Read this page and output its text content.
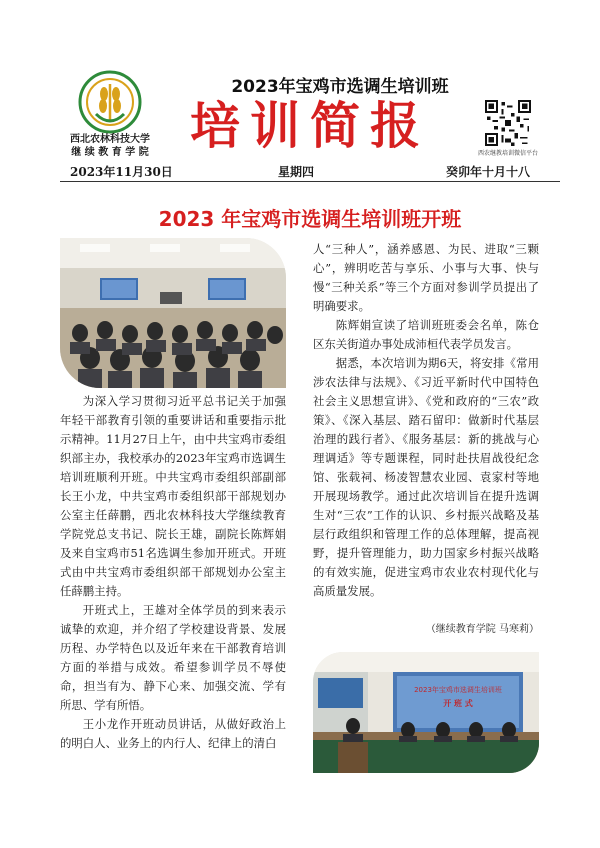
西北农林科技大学
继 续 教 育 学 院
2023年宝鸡市选调生培训班
培训简报	西农继教培训微信平台
2023年11月30日	星期四	癸卯年十月十八
2023 年宝鸡市选调生培训班开班

为深入学习贯彻习近平总书记关于加强年轻干部教育引领的重要讲话和重要指示批示精神。11月27日上午，由中共宝鸡市委组织部主办，我校承办的2023年宝鸡市选调生培训班顺利开班。中共宝鸡市委组织部副部长王小龙，中共宝鸡市委组织部干部规划办公室主任薛鹏，西北农林科技大学继续教育学院党总支书记、院长王雄，副院长陈辉娟及来自宝鸡市51名选调生参加开班式。开班式由中共宝鸡市委组织部干部规划办公室主任薛鹏主持。

开班式上，王雄对全体学员的到来表示诚挚的欢迎，并介绍了学校建设背景、发展历程、办学特色以及近年来在干部教育培训方面的举措与成效。希望参训学员不辱使命，担当有为、静下心来、加强交流、学有所思、学有所悟。

王小龙作开班动员讲话，从做好政治上的明白人、业务上的内行人、纪律上的清白

人“三种人”，涵养感恩、为民、进取“三颗心”，辨明吃苦与享乐、小事与大事、快与慢“三种关系”等三个方面对参训学员提出了明确要求。

陈辉娟宣读了培训班班委会名单，陈仓区东关街道办事处成沛桓代表学员发言。

据悉，本次培训为期6天，将安排《常用涉农法律与法规》、《习近平新时代中国特色社会主义思想宣讲》、《党和政府的“三农”政策》、《深入基层、踏石留印：做新时代基层治理的践行者》、《服务基层：新的挑战与心理调适》等专题课程，同时赴扶眉战役纪念馆、张载祠、杨凌智慧农业园、袁家村等地开展现场教学。通过此次培训旨在提升选调生对“三农”工作的认识、乡村振兴战略及基层行政组织和管理工作的总体理解，提高视野，提升管理能力，助力国家乡村振兴战略的有效实施，促进宝鸡市农业农村现代化与高质量发展。

（继续教育学院 马寒莉）
2023年宝鸡市选调生培训班
开 班 式
